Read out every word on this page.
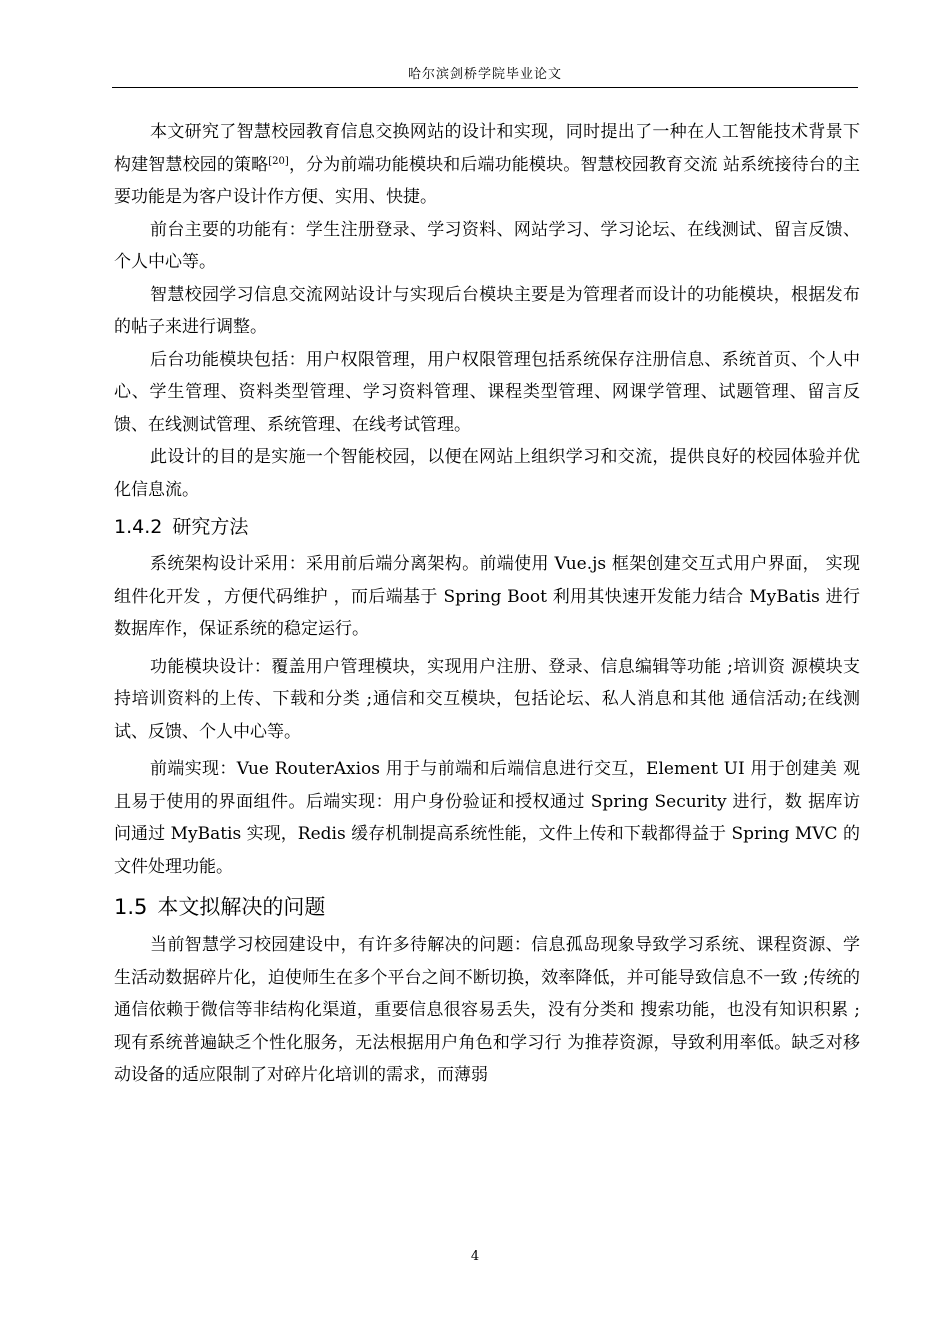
哈尔滨剑桥学院毕业论文

本文研究了智慧校园教育信息交换网站的设计和实现，同时提出了一种在人工智能技术背景下构建智慧校园的策略[20]，分为前端功能模块和后端功能模块。智慧校园教育交流 站系统接待台的主要功能是为客户设计作方便、实用、快捷。

前台主要的功能有：学生注册登录、学习资料、网站学习、学习论坛、在线测试、留言反馈、个人中心等。

智慧校园学习信息交流网站设计与实现后台模块主要是为管理者而设计的功能模块，根据发布的帖子来进行调整。

后台功能模块包括：用户权限管理，用户权限管理包括系统保存注册信息、系统首页、个人中心、学生管理、资料类型管理、学习资料管理、课程类型管理、网课学管理、试题管理、留言反馈、在线测试管理、系统管理、在线考试管理。

此设计的目的是实施一个智能校园，以便在网站上组织学习和交流，提供良好的校园体验并优化信息流。

1.4.2 研究方法

系统架构设计采用：采用前后端分离架构。前端使用 Vue.js 框架创建交互式用户界面， 实现组件化开发 ，方便代码维护 ，而后端基于 Spring Boot 利用其快速开发能力结合 MyBatis 进行数据库作，保证系统的稳定运行。

功能模块设计：覆盖用户管理模块，实现用户注册、登录、信息编辑等功能 ;培训资 源模块支持培训资料的上传、下载和分类 ;通信和交互模块，包括论坛、私人消息和其他 通信活动;在线测试、反馈、个人中心等。

前端实现：Vue RouterAxios 用于与前端和后端信息进行交互，Element UI 用于创建美 观且易于使用的界面组件。后端实现：用户身份验证和授权通过 Spring Security 进行，数 据库访问通过 MyBatis 实现，Redis 缓存机制提高系统性能，文件上传和下载都得益于 Spring MVC 的文件处理功能。

1.5 本文拟解决的问题

当前智慧学习校园建设中，有许多待解决的问题：信息孤岛现象导致学习系统、课程资源、学生活动数据碎片化，迫使师生在多个平台之间不断切换，效率降低，并可能导致信息不一致 ;传统的通信依赖于微信等非结构化渠道，重要信息很容易丢失，没有分类和 搜索功能，也没有知识积累 ;现有系统普遍缺乏个性化服务，无法根据用户角色和学习行 为推荐资源，导致利用率低。缺乏对移动设备的适应限制了对碎片化培训的需求，而薄弱

4
